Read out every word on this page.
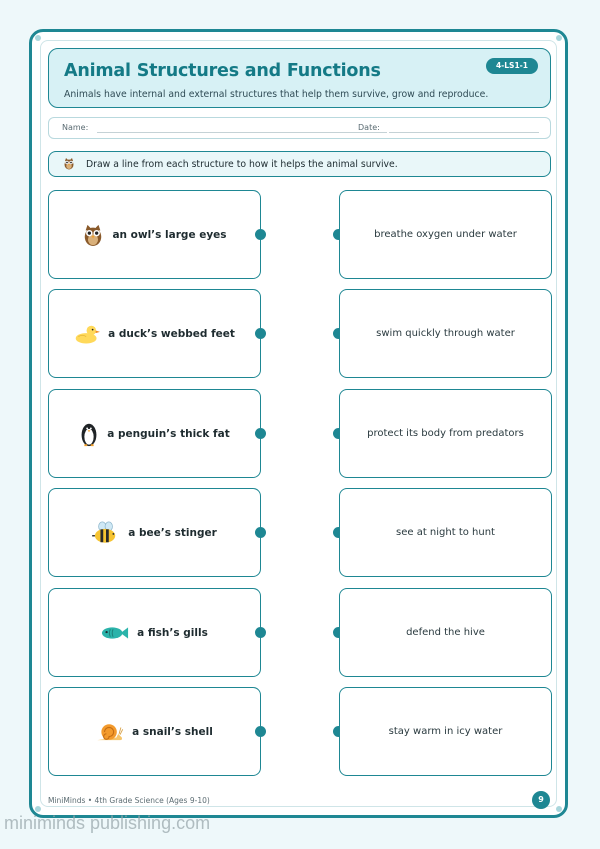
Animal Structures and Functions
Animals have internal and external structures that help them survive, grow and reproduce.
4-LS1-1
Name:	Date:
Draw a line from each structure to how it helps the animal survive.
an owl’s large eyes	breathe oxygen under water
a duck’s webbed feet	swim quickly through water
a penguin’s thick fat	protect its body from predators
a bee’s stinger	see at night to hunt
a fish’s gills	defend the hive
a snail’s shell	stay warm in icy water
MiniMinds • 4th Grade Science (Ages 9-10)	9
miniminds publishing.com
